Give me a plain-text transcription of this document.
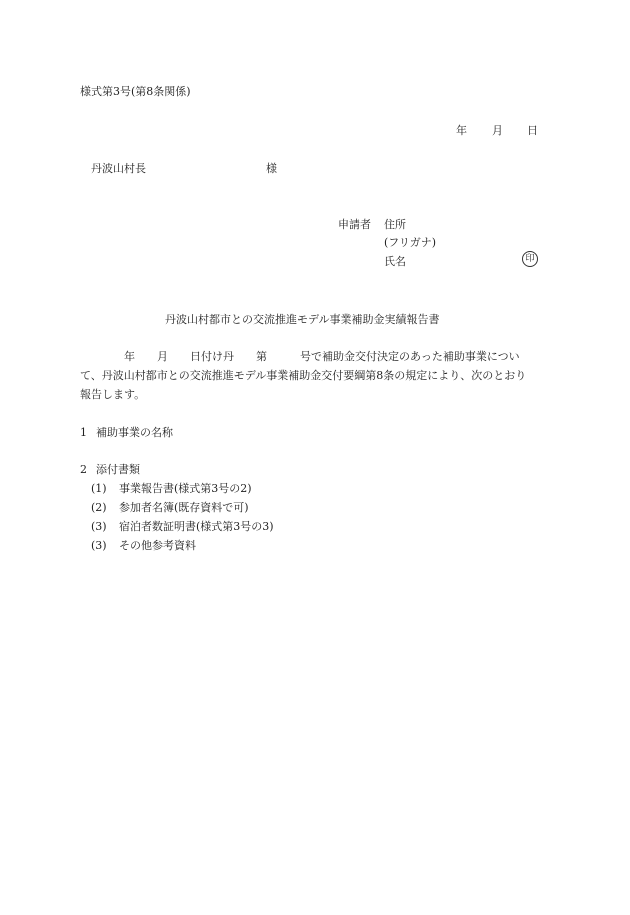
様式第3号(第8条関係)
年 月 日
丹波山村長	様
申請者 住所
(フリガナ)
氏名	印
丹波山村都市との交流推進モデル事業補助金実績報告書
年　　月　　日付け丹　　第　　　号で補助金交付決定のあった補助事業につい
て、丹波山村都市との交流推進モデル事業補助金交付要綱第8条の規定により、次のとおり
報告します。
1 補助事業の名称
2 添付書類
(1) 事業報告書(様式第3号の2)
(2) 参加者名簿(既存資料で可)
(3) 宿泊者数証明書(様式第3号の3)
(3) その他参考資料
